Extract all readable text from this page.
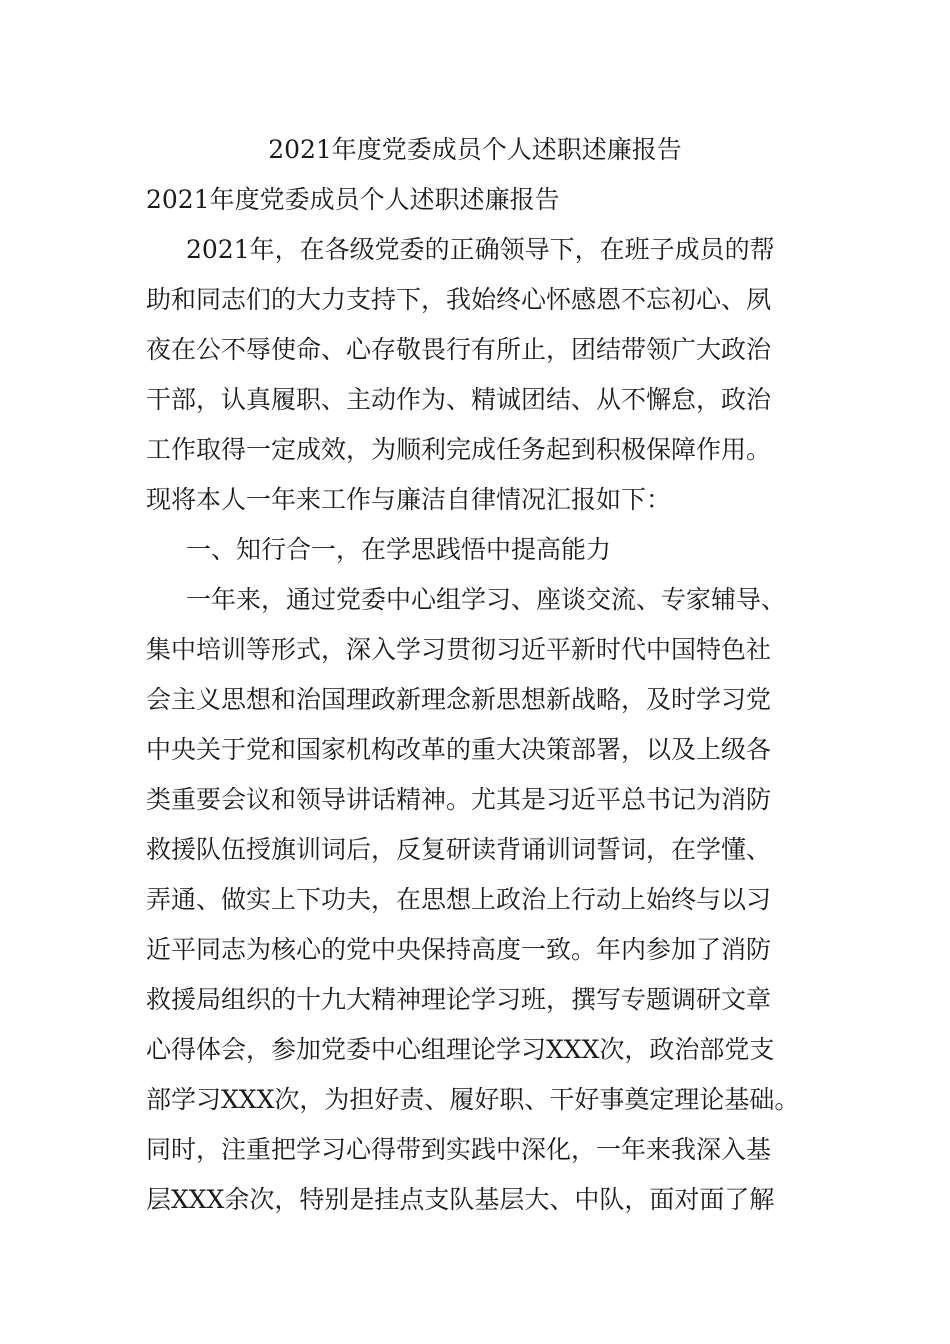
2021年度党委成员个人述职述廉报告
2021年度党委成员个人述职述廉报告
2021年，在各级党委的正确领导下，在班子成员的帮
助和同志们的大力支持下，我始终心怀感恩不忘初心、夙
夜在公不辱使命、心存敬畏行有所止，团结带领广大政治
干部，认真履职、主动作为、精诚团结、从不懈怠，政治
工作取得一定成效，为顺利完成任务起到积极保障作用。
现将本人一年来工作与廉洁自律情况汇报如下：
一、知行合一，在学思践悟中提高能力
一年来，通过党委中心组学习、座谈交流、专家辅导、
集中培训等形式，深入学习贯彻习近平新时代中国特色社
会主义思想和治国理政新理念新思想新战略，及时学习党
中央关于党和国家机构改革的重大决策部署，以及上级各
类重要会议和领导讲话精神。尤其是习近平总书记为消防
救援队伍授旗训词后，反复研读背诵训词誓词，在学懂、
弄通、做实上下功夫，在思想上政治上行动上始终与以习
近平同志为核心的党中央保持高度一致。年内参加了消防
救援局组织的十九大精神理论学习班，撰写专题调研文章
心得体会，参加党委中心组理论学习XXX次，政治部党支
部学习XXX次，为担好责、履好职、干好事奠定理论基础。
同时，注重把学习心得带到实践中深化，一年来我深入基
层XXX余次，特别是挂点支队基层大、中队，面对面了解
